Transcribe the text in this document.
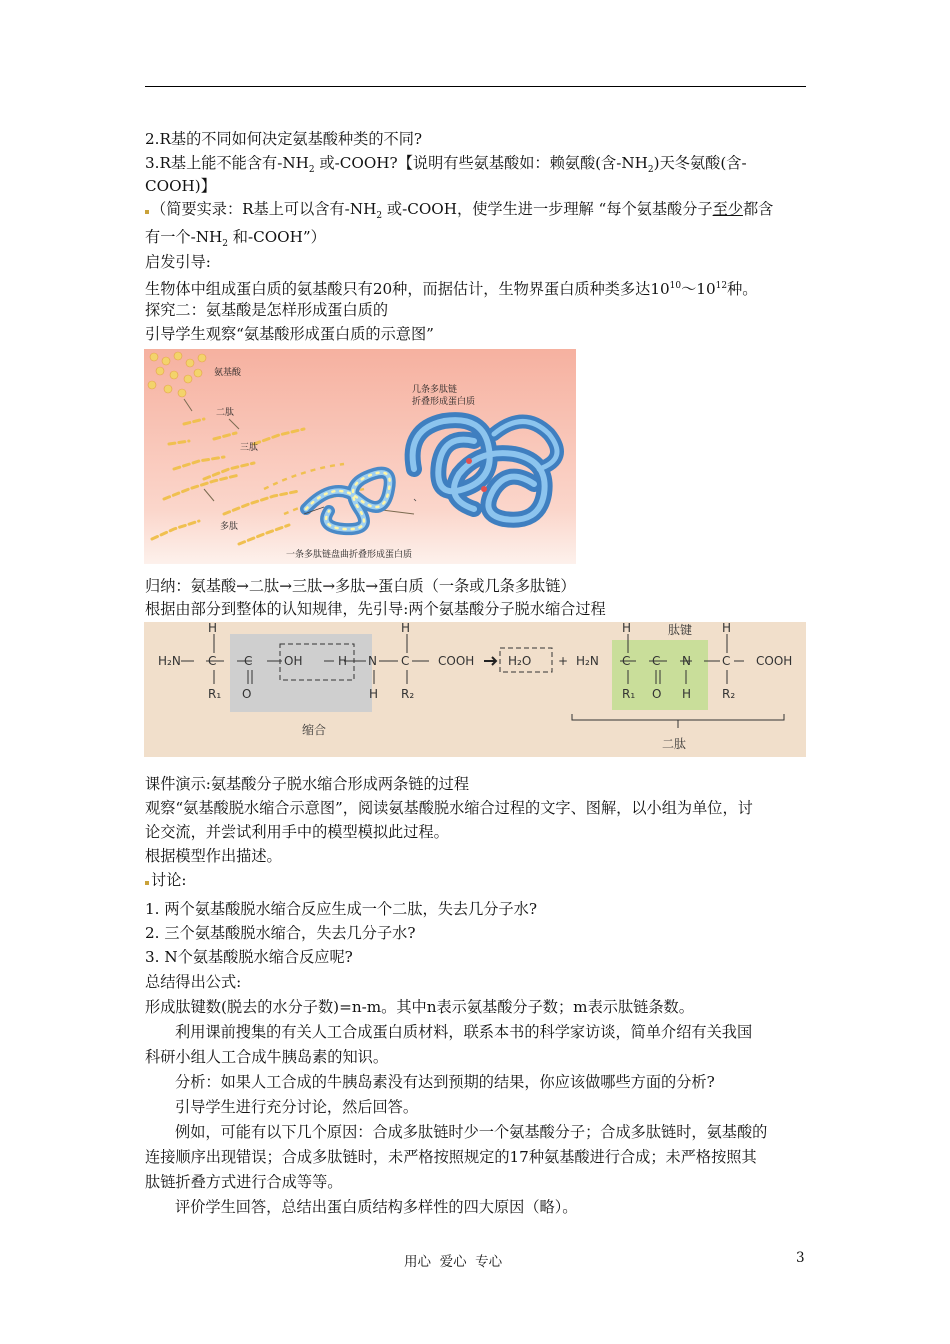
2.R基的不同如何决定氨基酸种类的不同?
3.R基上能不能含有$-NH_2$ 或-COOH?【说明有些氨基酸如：赖氨酸(含$-NH_2$)天冬氨酸(含-
COOH)】
（简要实录：R基上可以含有$-NH_2$ 或-COOH，使学生进一步理解 “每个氨基酸分子至少都含
有一个$-NH_2$ 和-COOH”）
启发引导:
生物体中组成蛋白质的氨基酸只有20种，而据估计，生物界蛋白质种类多达$10^{10}\sim 10^{12}$种。
探究二：氨基酸是怎样形成蛋白质的
引导学生观察“氨基酸形成蛋白质的示意图”
氨基酸
二肽
三肽
多肽
几条多肽链
折叠形成蛋白质
一条多肽链盘曲折叠形成蛋白质
归纳：氨基酸→二肽→三肽→多肽→蛋白质（一条或几条多肽链）
根据由部分到整体的认知规律，先引导:两个氨基酸分子脱水缩合过程
H
H₂N C C
O
R₁
OH	H N
H
H
C
R₂
COOH	H₂O + H₂N
H
C
R₁
C
O
N
H
H
C
R₂
COOH
肽键
缩合
二肽
课件演示:氨基酸分子脱水缩合形成两条链的过程
观察“氨基酸脱水缩合示意图”，阅读氨基酸脱水缩合过程的文字、图解，以小组为单位，讨
论交流，并尝试利用手中的模型模拟此过程。
根据模型作出描述。
讨论:
1. 两个氨基酸脱水缩合反应生成一个二肽，失去几分子水?
2. 三个氨基酸脱水缩合，失去几分子水?
3. N个氨基酸脱水缩合反应呢?
总结得出公式:
形成肽键数(脱去的水分子数)=n-m。其中n表示氨基酸分子数；m表示肽链条数。
利用课前搜集的有关人工合成蛋白质材料，联系本书的科学家访谈，简单介绍有关我国
科研小组人工合成牛胰岛素的知识。
分析：如果人工合成的牛胰岛素没有达到预期的结果，你应该做哪些方面的分析?
引导学生进行充分讨论，然后回答。
例如，可能有以下几个原因：合成多肽链时少一个氨基酸分子；合成多肽链时，氨基酸的
连接顺序出现错误；合成多肽链时，未严格按照规定的17种氨基酸进行合成；未严格按照其
肽链折叠方式进行合成等等。
评价学生回答，总结出蛋白质结构多样性的四大原因（略）。
用心  爱心  专心	3
